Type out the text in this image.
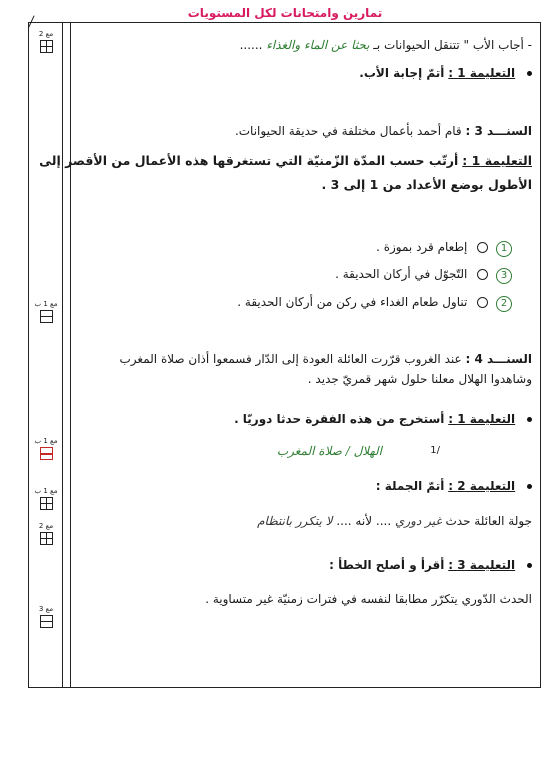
تمارين وامتحانات لكل المستويات
مع 2
مع 1 ب
مع 1 ب
مع 1 ب
مع 2
مع 3
- أجاب الأب " تتنقل الحيوانات بـ بحثا عن الماء والغذاء ......
التعليمة 1 : أتمّ إجابة الأب.
السنـــد 3 : قام أحمد بأعمال مختلفة في حديقة الحيوانات.
التعليمة 1 : أرتّب حسب المدّة الزّمنيّة التي تستغرقها هذه الأعمال من الأقصر إلى
الأطول بوضع الأعداد من 1 إلى 3 .
1  إطعام قرد بموزة .
3  التّجوّل في أركان الحديقة .
2  تناول طعام الغداء في ركن من أركان الحديقة .
السنـــد 4 : عند الغروب قرّرت العائلة العودة إلى الدّار فسمعوا أذان صلاة المغرب
وشاهدوا الهلال معلنا حلول شهر قمريّ جديد .
التعليمة 1 : أستخرج من هذه الفقرة حدثا دوريّا .
الهلال / صلاة المغرب	/1
التعليمة 2 : أتمّ الجملة :
جولة العائلة حدث غير دوري .... لأنه .... لا يتكرر بانتظام
التعليمة 3 : أقرأ و أصلح الخطأ :
الحدث الدّوري يتكرّر مطابقا لنفسه في فترات زمنيّة غير متساوية .
